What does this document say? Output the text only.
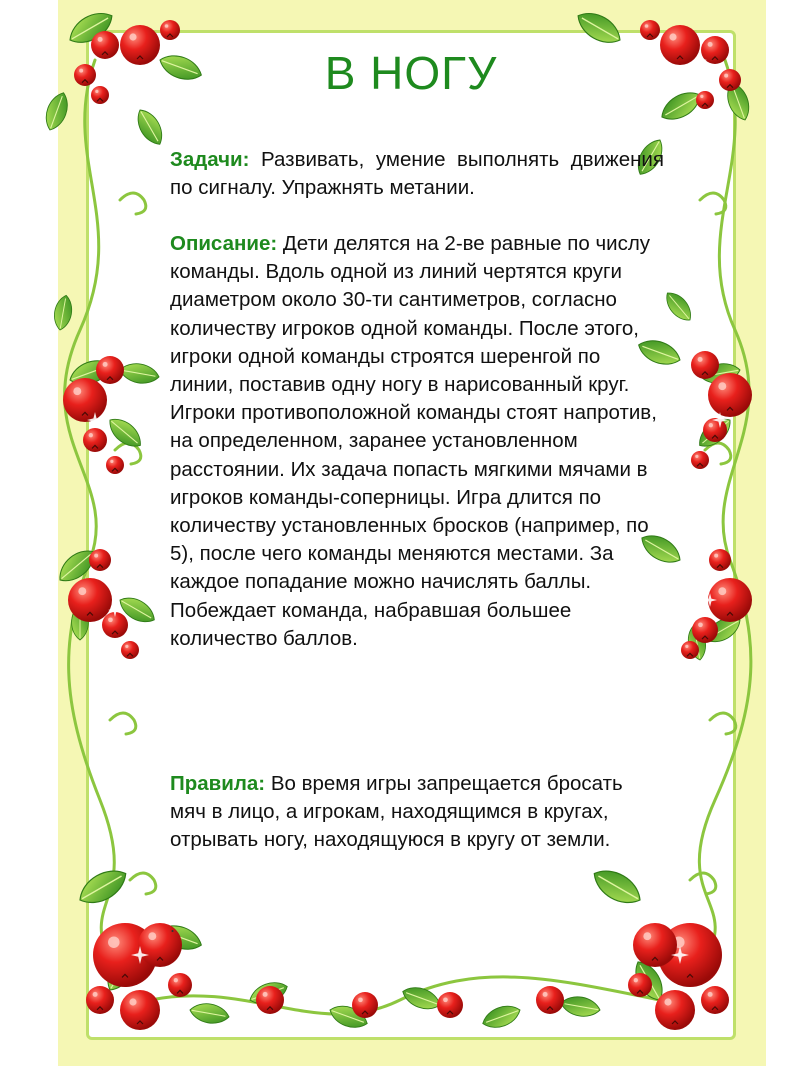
В НОГУ

Задачи: Развивать, умение выполнять движения по сигналу. Упражнять метании.

Описание: Дети делятся на 2-ве равные по числу команды. Вдоль одной из линий чертятся круги диаметром около 30-ти сантиметров, согласно количеству игроков одной команды. После этого, игроки одной команды строятся шеренгой по линии, поставив одну ногу в нарисованный круг. Игроки противоположной команды стоят напротив, на определенном, заранее установленном расстоянии. Их задача попасть мягкими мячами в игроков команды-соперницы. Игра длится по количеству установленных бросков (например, по 5), после чего команды меняются местами. За каждое попадание можно начислять баллы. Побеждает команда, набравшая большее количество баллов.

Правила: Во время игры запрещается бросать мяч в лицо, а игрокам, находящимся в кругах, отрывать ногу, находящуюся в кругу от земли.

.
